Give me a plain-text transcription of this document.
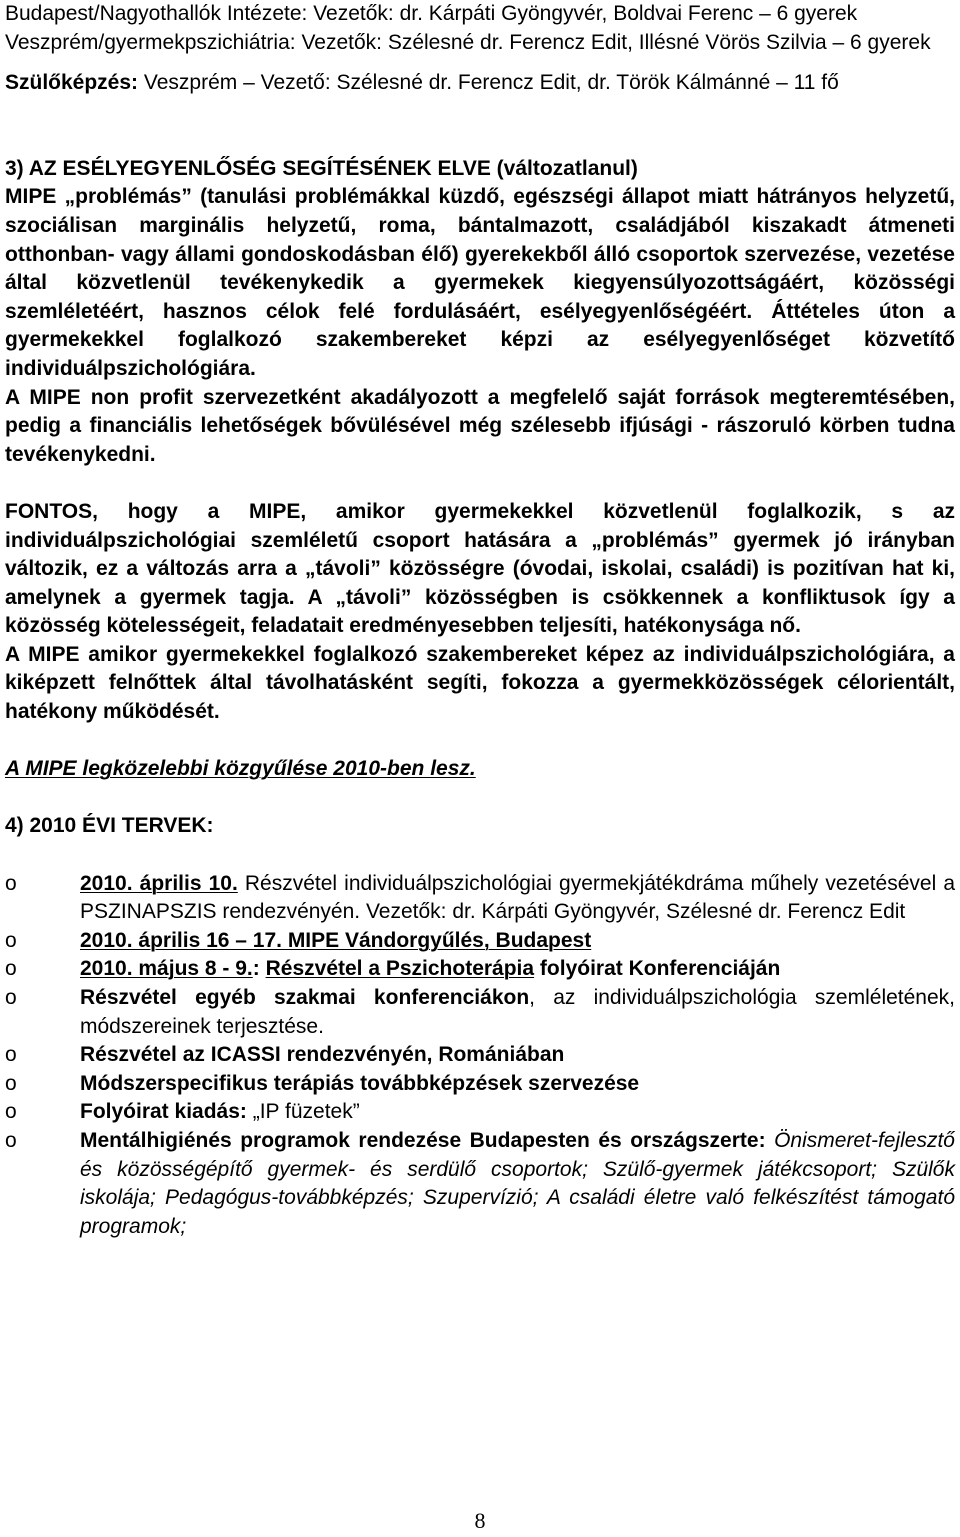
Budapest/Nagyothallók Intézete: Vezetők: dr. Kárpáti Gyöngyvér, Boldvai Ferenc – 6 gyerek

Veszprém/gyermekpszichiátria: Vezetők: Szélesné dr. Ferencz Edit, Illésné Vörös Szilvia – 6 gyerek

Szülőképzés: Veszprém – Vezető: Szélesné dr. Ferencz Edit, dr. Török Kálmánné – 11 fő

3) AZ ESÉLYEGYENLŐSÉG SEGÍTÉSÉNEK ELVE (változatlanul)

MIPE „problémás” (tanulási problémákkal küzdő, egészségi állapot miatt hátrányos helyzetű, szociálisan marginális helyzetű, roma, bántalmazott, családjából kiszakadt átmeneti otthonban- vagy állami gondoskodásban élő) gyerekekből álló csoportok szervezése, vezetése által közvetlenül tevékenykedik a gyermekek kiegyensúlyozottságáért, közösségi szemléletéért, hasznos célok felé fordulásáért, esélyegyenlőségéért. Áttételes úton a gyermekekkel foglalkozó szakembereket képzi az esélyegyenlőséget közvetítő individuálpszichológiára.

A MIPE non profit szervezetként akadályozott a megfelelő saját források megteremtésében, pedig a financiális lehetőségek bővülésével még szélesebb ifjúsági - rászoruló körben tudna tevékenykedni.

FONTOS, hogy a MIPE, amikor gyermekekkel közvetlenül foglalkozik, s az individuálpszichológiai szemléletű csoport hatására a „problémás” gyermek jó irányban változik, ez a változás arra a „távoli” közösségre (óvodai, iskolai, családi) is pozitívan hat ki, amelynek a gyermek tagja. A „távoli” közösségben is csökkennek a konfliktusok így a közösség kötelességeit, feladatait eredményesebben teljesíti, hatékonysága nő.

A MIPE amikor gyermekekkel foglalkozó szakembereket képez az individuálpszichológiára, a kiképzett felnőttek által távolhatásként segíti, fokozza a gyermekközösségek célorientált, hatékony működését.

A MIPE legközelebbi közgyűlése 2010-ben lesz.

4) 2010 ÉVI TERVEK:

o	2010. április 10. Részvétel individuálpszichológiai gyermekjátékdráma műhely vezetésével a PSZINAPSZIS rendezvényén. Vezetők: dr. Kárpáti Gyöngyvér, Szélesné dr. Ferencz Edit
o	2010. április 16 – 17. MIPE Vándorgyűlés, Budapest
o	2010. május 8 - 9.: Részvétel a Pszichoterápia folyóirat Konferenciáján
o	Részvétel egyéb szakmai konferenciákon, az individuálpszichológia szemléletének, módszereinek terjesztése.
o	Részvétel az ICASSI rendezvényén, Romániában
o	Módszerspecifikus terápiás továbbképzések szervezése
o	Folyóirat kiadás: „IP füzetek”
o	Mentálhigiénés programok rendezése Budapesten és országszerte: Önismeret-fejlesztő és közösségépítő gyermek- és serdülő csoportok; Szülő-gyermek játékcsoport; Szülők iskolája; Pedagógus-továbbképzés; Szupervízió; A családi életre való felkészítést támogató programok;
8
